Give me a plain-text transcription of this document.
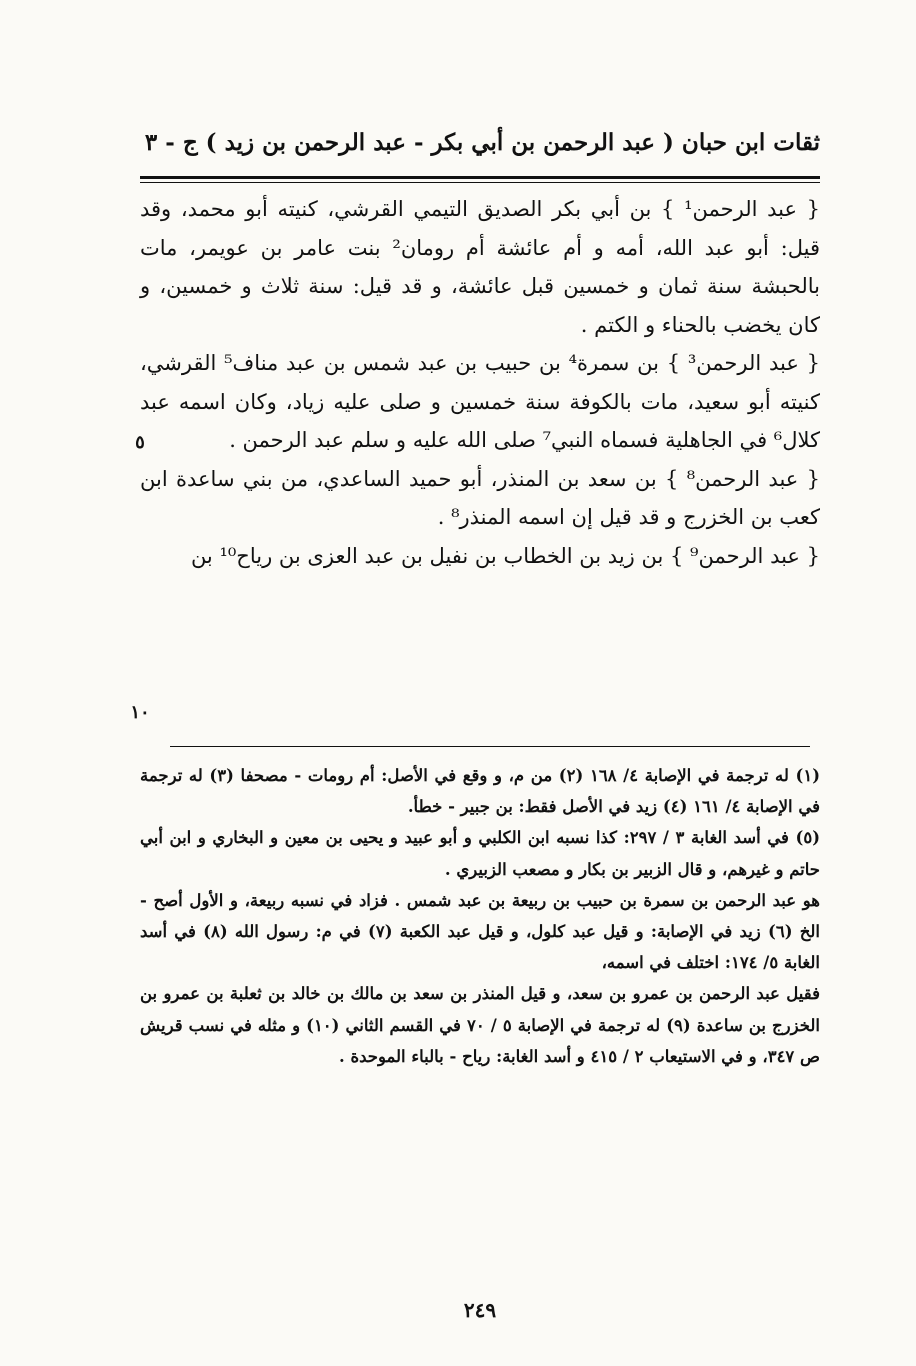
ثقات ابن حبان ( عبد الرحمن بن أبي بكر - عبد الرحمن بن زيد ) ج - ٣

{ عبد الرحمن¹ } بن أبي بكر الصديق التيمي القرشي، كنيته أبو محمد، وقد قيل: أبو عبد الله، أمه و أم عائشة أم رومان² بنت عامر بن عويمر، مات بالحبشة سنة ثمان و خمسين قبل عائشة، و قد قيل: سنة ثلاث و خمسين، و كان يخضب بالحناء و الكتم .

{ عبد الرحمن³ } بن سمرة⁴ بن حبيب بن عبد شمس بن عبد مناف⁵ القرشي، كنيته أبو سعيد، مات بالكوفة سنة خمسين و صلى عليه زياد، وكان اسمه عبد كلال⁶ في الجاهلية فسماه النبي⁷ صلى الله عليه و سلم عبد الرحمن .

{ عبد الرحمن⁸ } بن سعد بن المنذر، أبو حميد الساعدي، من بني ساعدة ابن كعب بن الخزرج و قد قيل إن اسمه المنذر⁸ .

{ عبد الرحمن⁹ } بن زيد بن الخطاب بن نفيل بن عبد العزى بن رياح¹⁰ بن

٥
١٠

(١) له ترجمة في الإصابة ٤/ ١٦٨ (٢) من م، و وقع في الأصل: أم رومات - مصحفا (٣) له ترجمة في الإصابة ٤/ ١٦١ (٤) زيد في الأصل فقط: بن جبير - خطأ.

(٥) في أسد الغابة ٣ / ٢٩٧: كذا نسبه ابن الكلبي و أبو عبيد و يحيى بن معين و البخاري و ابن أبي حاتم و غيرهم، و قال الزبير بن بكار و مصعب الزبيري .

هو عبد الرحمن بن سمرة بن حبيب بن ربيعة بن عبد شمس . فزاد في نسبه ربيعة، و الأول أصح - الخ (٦) زيد في الإصابة: و قيل عبد كلول، و قيل عبد الكعبة (٧) في م: رسول الله (٨) في أسد الغابة ٥/ ١٧٤: اختلف في اسمه،

فقيل عبد الرحمن بن عمرو بن سعد، و قيل المنذر بن سعد بن مالك بن خالد بن ثعلبة بن عمرو بن الخزرج بن ساعدة (٩) له ترجمة في الإصابة ٥ / ٧٠ في القسم الثاني (١٠) و مثله في نسب قريش ص ٣٤٧، و في الاستيعاب ٢ / ٤١٥ و أسد الغابة: رياح - بالباء الموحدة .

٢٤٩
